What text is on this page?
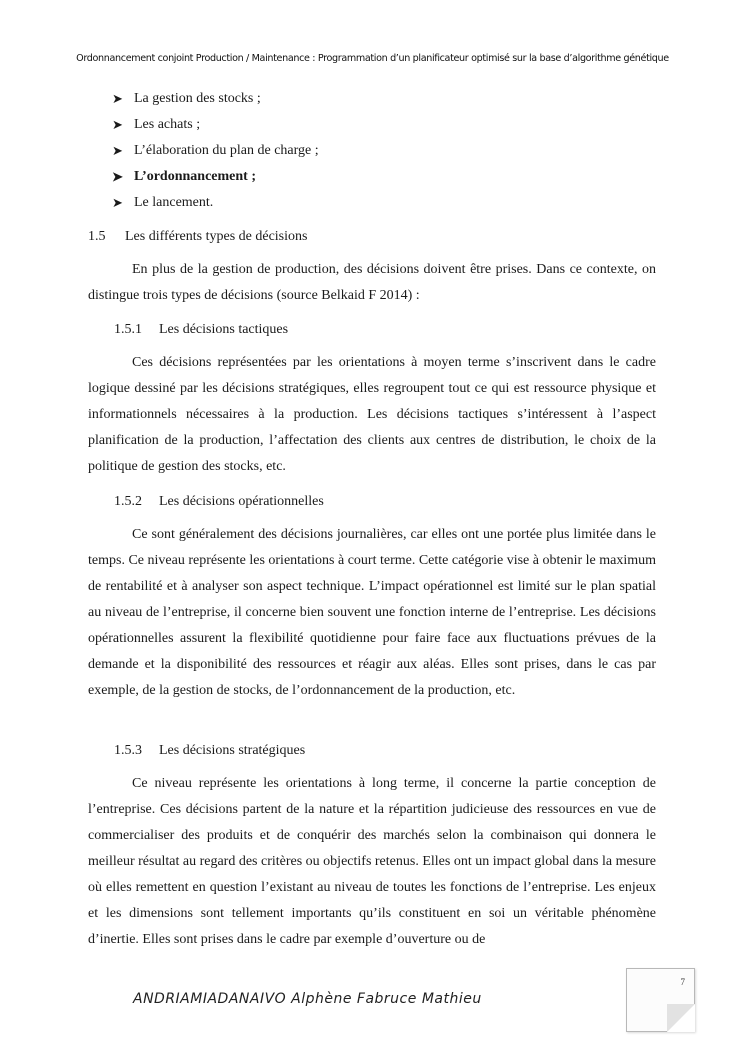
Ordonnancement conjoint Production / Maintenance : Programmation d’un planificateur optimisé sur la base d’algorithme génétique
➤ La gestion des stocks ;
➤ Les achats ;
➤ L’élaboration du plan de charge ;
➤ L’ordonnancement ;
➤ Le lancement.
1.5 Les différents types de décisions

En plus de la gestion de production, des décisions doivent être prises. Dans ce contexte, on distingue trois types de décisions (source Belkaid F 2014) :

1.5.1 Les décisions tactiques

Ces décisions représentées par les orientations à moyen terme s’inscrivent dans le cadre logique dessiné par les décisions stratégiques, elles regroupent tout ce qui est ressource physique et informationnels nécessaires à la production. Les décisions tactiques s’intéressent à l’aspect planification de la production, l’affectation des clients aux centres de distribution, le choix de la politique de gestion des stocks, etc.

1.5.2 Les décisions opérationnelles

Ce sont généralement des décisions journalières, car elles ont une portée plus limitée dans le temps. Ce niveau représente les orientations à court terme. Cette catégorie vise à obtenir le maximum de rentabilité et à analyser son aspect technique. L’impact opérationnel est limité sur le plan spatial au niveau de l’entreprise, il concerne bien souvent une fonction interne de l’entreprise. Les décisions opérationnelles assurent la flexibilité quotidienne pour faire face aux fluctuations prévues de la demande et la disponibilité des ressources et réagir aux aléas. Elles sont prises, dans le cas par exemple, de la gestion de stocks, de l’ordonnancement de la production, etc.

1.5.3 Les décisions stratégiques

Ce niveau représente les orientations à long terme, il concerne la partie conception de l’entreprise. Ces décisions partent de la nature et la répartition judicieuse des ressources en vue de commercialiser des produits et de conquérir des marchés selon la combinaison qui donnera le meilleur résultat au regard des critères ou objectifs retenus. Elles ont un impact global dans la mesure où elles remettent en question l’existant au niveau de toutes les fonctions de l’entreprise. Les enjeux et les dimensions sont tellement importants qu’ils constituent en soi un véritable phénomène d’inertie. Elles sont prises dans le cadre par exemple d’ouverture ou de

ANDRIAMIADANAIVO Alphène Fabruce Mathieu
7
